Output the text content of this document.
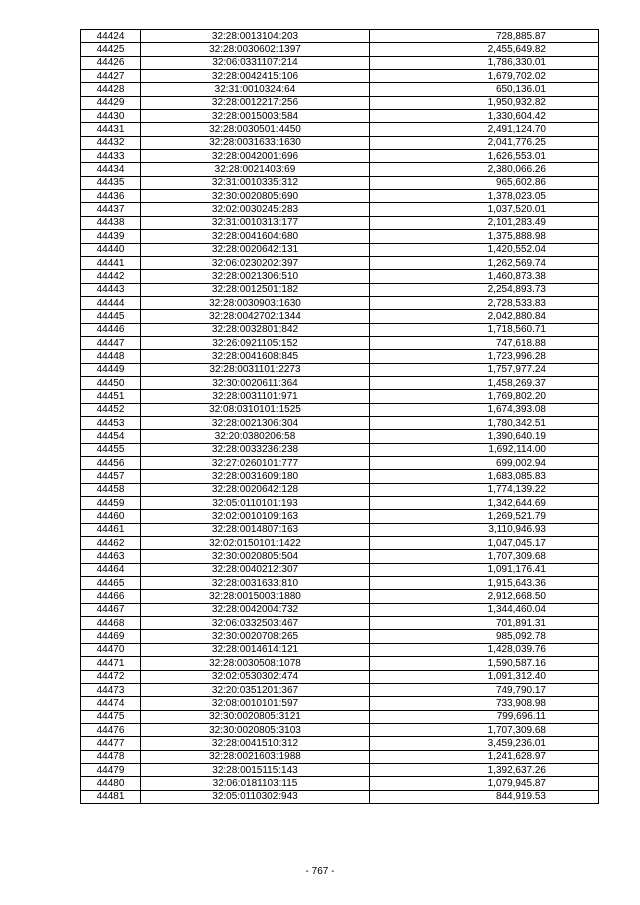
44424	32:28:0013104:203	728,885.87
44425	32:28:0030602:1397	2,455,649.82
44426	32:06:0331107:214	1,786,330.01
44427	32:28:0042415:106	1,679,702.02
44428	32:31:0010324:64	650,136.01
44429	32:28:0012217:256	1,950,932.82
44430	32:28:0015003:584	1,330,604.42
44431	32:28:0030501:4450	2,491,124.70
44432	32:28:0031633:1630	2,041,776.25
44433	32:28:0042001:696	1,626,553.01
44434	32:28:0021403:69	2,380,066.26
44435	32:31:0010335:312	965,602.86
44436	32:30:0020805:690	1,378,023.05
44437	32:02:0030245:283	1,037,520.01
44438	32:31:0010313:177	2,101,283.49
44439	32:28:0041604:680	1,375,888.98
44440	32:28:0020642:131	1,420,552.04
44441	32:06:0230202:397	1,262,569.74
44442	32:28:0021306:510	1,460,873.38
44443	32:28:0012501:182	2,254,893.73
44444	32:28:0030903:1630	2,728,533.83
44445	32:28:0042702:1344	2,042,880.84
44446	32:28:0032801:842	1,718,560.71
44447	32:26:0921105:152	747,618.88
44448	32:28:0041608:845	1,723,996.28
44449	32:28:0031101:2273	1,757,977.24
44450	32:30:0020611:364	1,458,269.37
44451	32:28:0031101:971	1,769,802.20
44452	32:08:0310101:1525	1,674,393.08
44453	32:28:0021306:304	1,780,342.51
44454	32:20:0380206:58	1,390,640.19
44455	32:28:0033236:238	1,692,114.00
44456	32:27:0260101:777	699,002.94
44457	32:28:0031609:180	1,683,085.83
44458	32:28:0020642:128	1,774,139.22
44459	32:05:0110101:193	1,342,644.69
44460	32:02:0010109:163	1,269,521.79
44461	32:28:0014807:163	3,110,946.93
44462	32:02:0150101:1422	1,047,045.17
44463	32:30:0020805:504	1,707,309.68
44464	32:28:0040212:307	1,091,176.41
44465	32:28:0031633:810	1,915,643.36
44466	32:28:0015003:1880	2,912,668.50
44467	32:28:0042004:732	1,344,460.04
44468	32:06:0332503:467	701,891.31
44469	32:30:0020708:265	985,092.78
44470	32:28:0014614:121	1,428,039.76
44471	32:28:0030508:1078	1,590,587.16
44472	32:02:0530302:474	1,091,312.40
44473	32:20:0351201:367	749,790.17
44474	32:08:0010101:597	733,908.98
44475	32:30:0020805:3121	799,696.11
44476	32:30:0020805:3103	1,707,309.68
44477	32:28:0041510:312	3,459,236.01
44478	32:28:0021603:1988	1,241,628.97
44479	32:28:0015115:143	1,392,637.26
44480	32:06:0181103:115	1,079,945.87
44481	32:05:0110302:943	844,919.53
- 767 -
